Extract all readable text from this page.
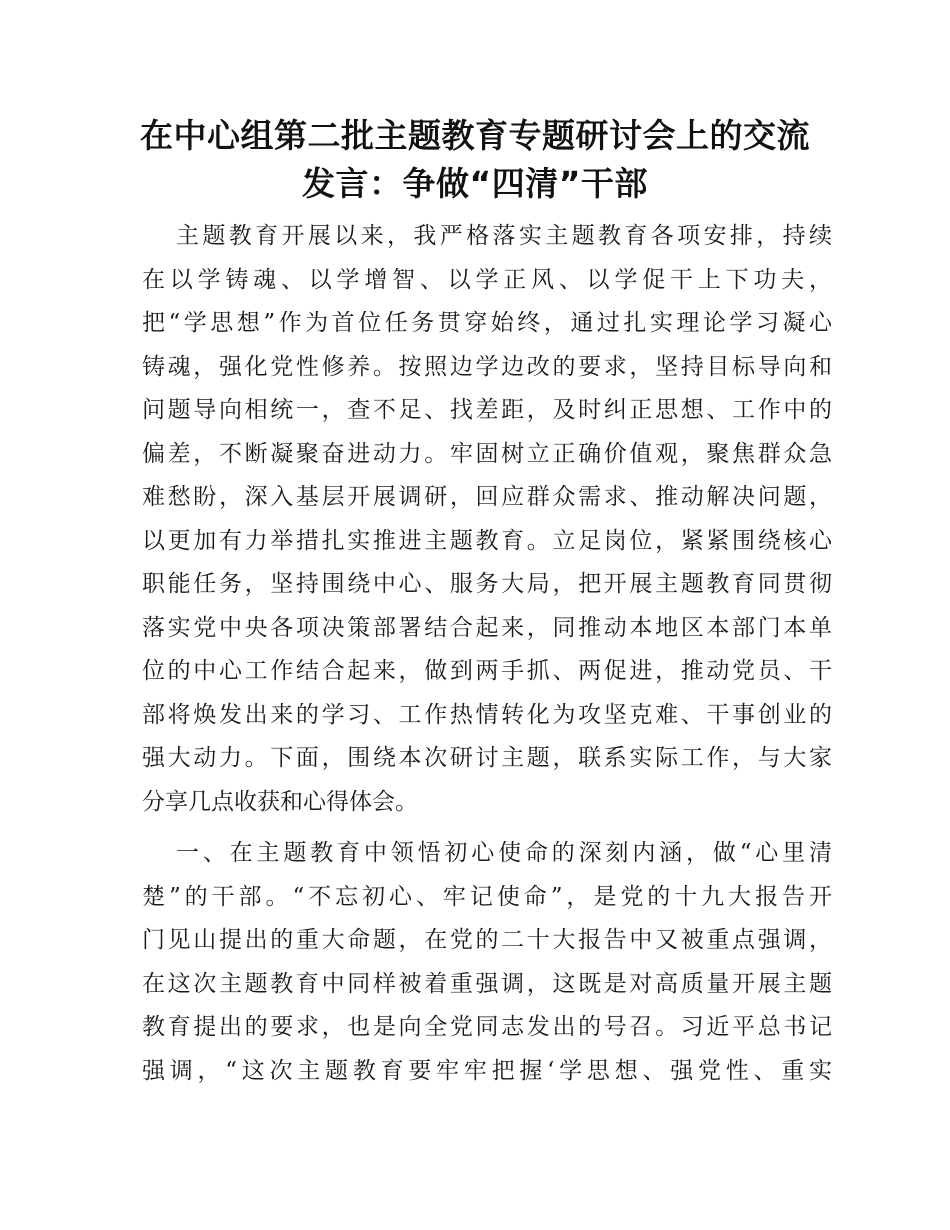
在中心组第二批主题教育专题研讨会上的交流
发言：争做“四清”干部
主题教育开展以来，我严格落实主题教育各项安排，持续
在以学铸魂、以学增智、以学正风、以学促干上下功夫，
把“学思想”作为首位任务贯穿始终，通过扎实理论学习凝心
铸魂，强化党性修养。按照边学边改的要求，坚持目标导向和
问题导向相统一，查不足、找差距，及时纠正思想、工作中的
偏差，不断凝聚奋进动力。牢固树立正确价值观，聚焦群众急
难愁盼，深入基层开展调研，回应群众需求、推动解决问题，
以更加有力举措扎实推进主题教育。立足岗位，紧紧围绕核心
职能任务，坚持围绕中心、服务大局，把开展主题教育同贯彻
落实党中央各项决策部署结合起来，同推动本地区本部门本单
位的中心工作结合起来，做到两手抓、两促进，推动党员、干
部将焕发出来的学习、工作热情转化为攻坚克难、干事创业的
强大动力。下面，围绕本次研讨主题，联系实际工作，与大家
分享几点收获和心得体会。
一、在主题教育中领悟初心使命的深刻内涵，做“心里清
楚”的干部。“不忘初心、牢记使命”，是党的十九大报告开
门见山提出的重大命题，在党的二十大报告中又被重点强调，
在这次主题教育中同样被着重强调，这既是对高质量开展主题
教育提出的要求，也是向全党同志发出的号召。习近平总书记
强调，“这次主题教育要牢牢把握‘学思想、强党性、重实
